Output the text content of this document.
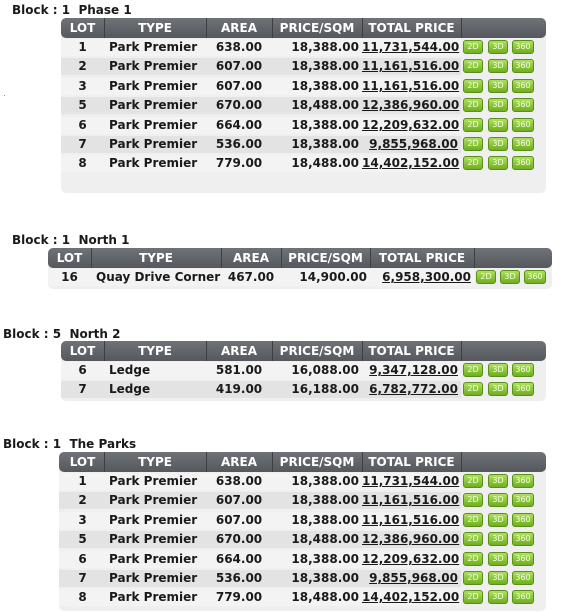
Block : 1  Phase 1
LOT	TYPE	AREA	PRICE/SQM	TOTAL PRICE
1	Park Premier	638.00	18,388.00 11,731,544.00	2D	3D	360
2	Park Premier	607.00	18,388.00 11,161,516.00	2D	3D	360
3	Park Premier	607.00	18,388.00 11,161,516.00	2D	3D	360
5	Park Premier	670.00	18,488.00 12,386,960.00	2D	3D	360
6	Park Premier	664.00	18,388.00 12,209,632.00	2D	3D	360
7	Park Premier	536.00	18,388.00 9,855,968.00	2D	3D	360
8	Park Premier	779.00	18,488.00 14,402,152.00	2D	3D	360
Block : 1  North 1
LOT	TYPE	AREA	PRICE/SQM	TOTAL PRICE
16	Quay Drive Corner 467.00	14,900.00	6,958,300.00	2D	3D	360
Block : 5  North 2
LOT	TYPE	AREA	PRICE/SQM	TOTAL PRICE
6	Ledge	581.00	16,088.00 9,347,128.00	2D	3D	360
7	Ledge	419.00	16,188.00 6,782,772.00	2D	3D	360
Block : 1  The Parks
LOT	TYPE	AREA	PRICE/SQM	TOTAL PRICE
1	Park Premier	638.00	18,388.00 11,731,544.00	2D	3D	360
2	Park Premier	607.00	18,388.00 11,161,516.00	2D	3D	360
3	Park Premier	607.00	18,388.00 11,161,516.00	2D	3D	360
5	Park Premier	670.00	18,488.00 12,386,960.00	2D	3D	360
6	Park Premier	664.00	18,388.00 12,209,632.00	2D	3D	360
7	Park Premier	536.00	18,388.00 9,855,968.00	2D	3D	360
8	Park Premier	779.00	18,488.00 14,402,152.00	2D	3D	360
